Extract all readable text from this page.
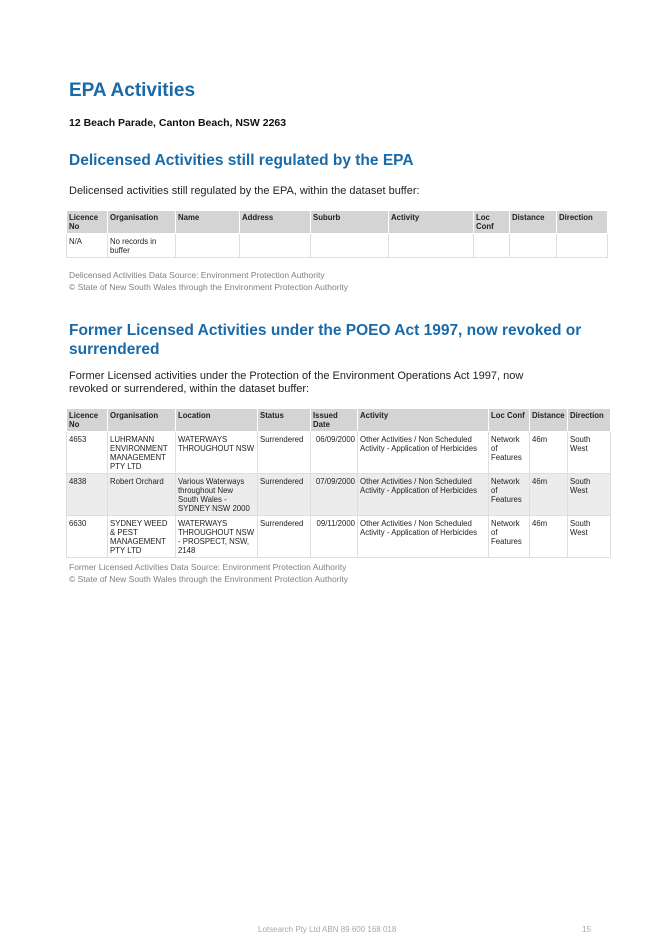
EPA Activities
12 Beach Parade, Canton Beach, NSW 2263
Delicensed Activities still regulated by the EPA
Delicensed activities still regulated by the EPA, within the dataset buffer:
Licence No	Organisation	Name	Address	Suburb	Activity	Loc Conf	Distance	Direction
N/A	No records in buffer							
Delicensed Activities Data Source: Environment Protection Authority
© State of New South Wales through the Environment Protection Authority
Former Licensed Activities under the POEO Act 1997, now revoked or surrendered
Former Licensed activities under the Protection of the Environment Operations Act 1997, now revoked or surrendered, within the dataset buffer:
Licence No	Organisation	Location	Status	Issued Date	Activity	Loc Conf	Distance	Direction
4653	LUHRMANN ENVIRONMENT MANAGEMENT PTY LTD	WATERWAYS THROUGHOUT NSW	Surrendered	06/09/2000	Other Activities / Non Scheduled Activity - Application of Herbicides	Network of Features	46m	South West
4838	Robert Orchard	Various Waterways throughout New South Wales - SYDNEY NSW 2000	Surrendered	07/09/2000	Other Activities / Non Scheduled Activity - Application of Herbicides	Network of Features	46m	South West
6630	SYDNEY WEED & PEST MANAGEMENT PTY LTD	WATERWAYS THROUGHOUT NSW - PROSPECT, NSW, 2148	Surrendered	09/11/2000	Other Activities / Non Scheduled Activity - Application of Herbicides	Network of Features	46m	South West
Former Licensed Activities Data Source: Environment Protection Authority
© State of New South Wales through the Environment Protection Authority
Lotsearch Pty Ltd ABN 89 600 168 018	15
